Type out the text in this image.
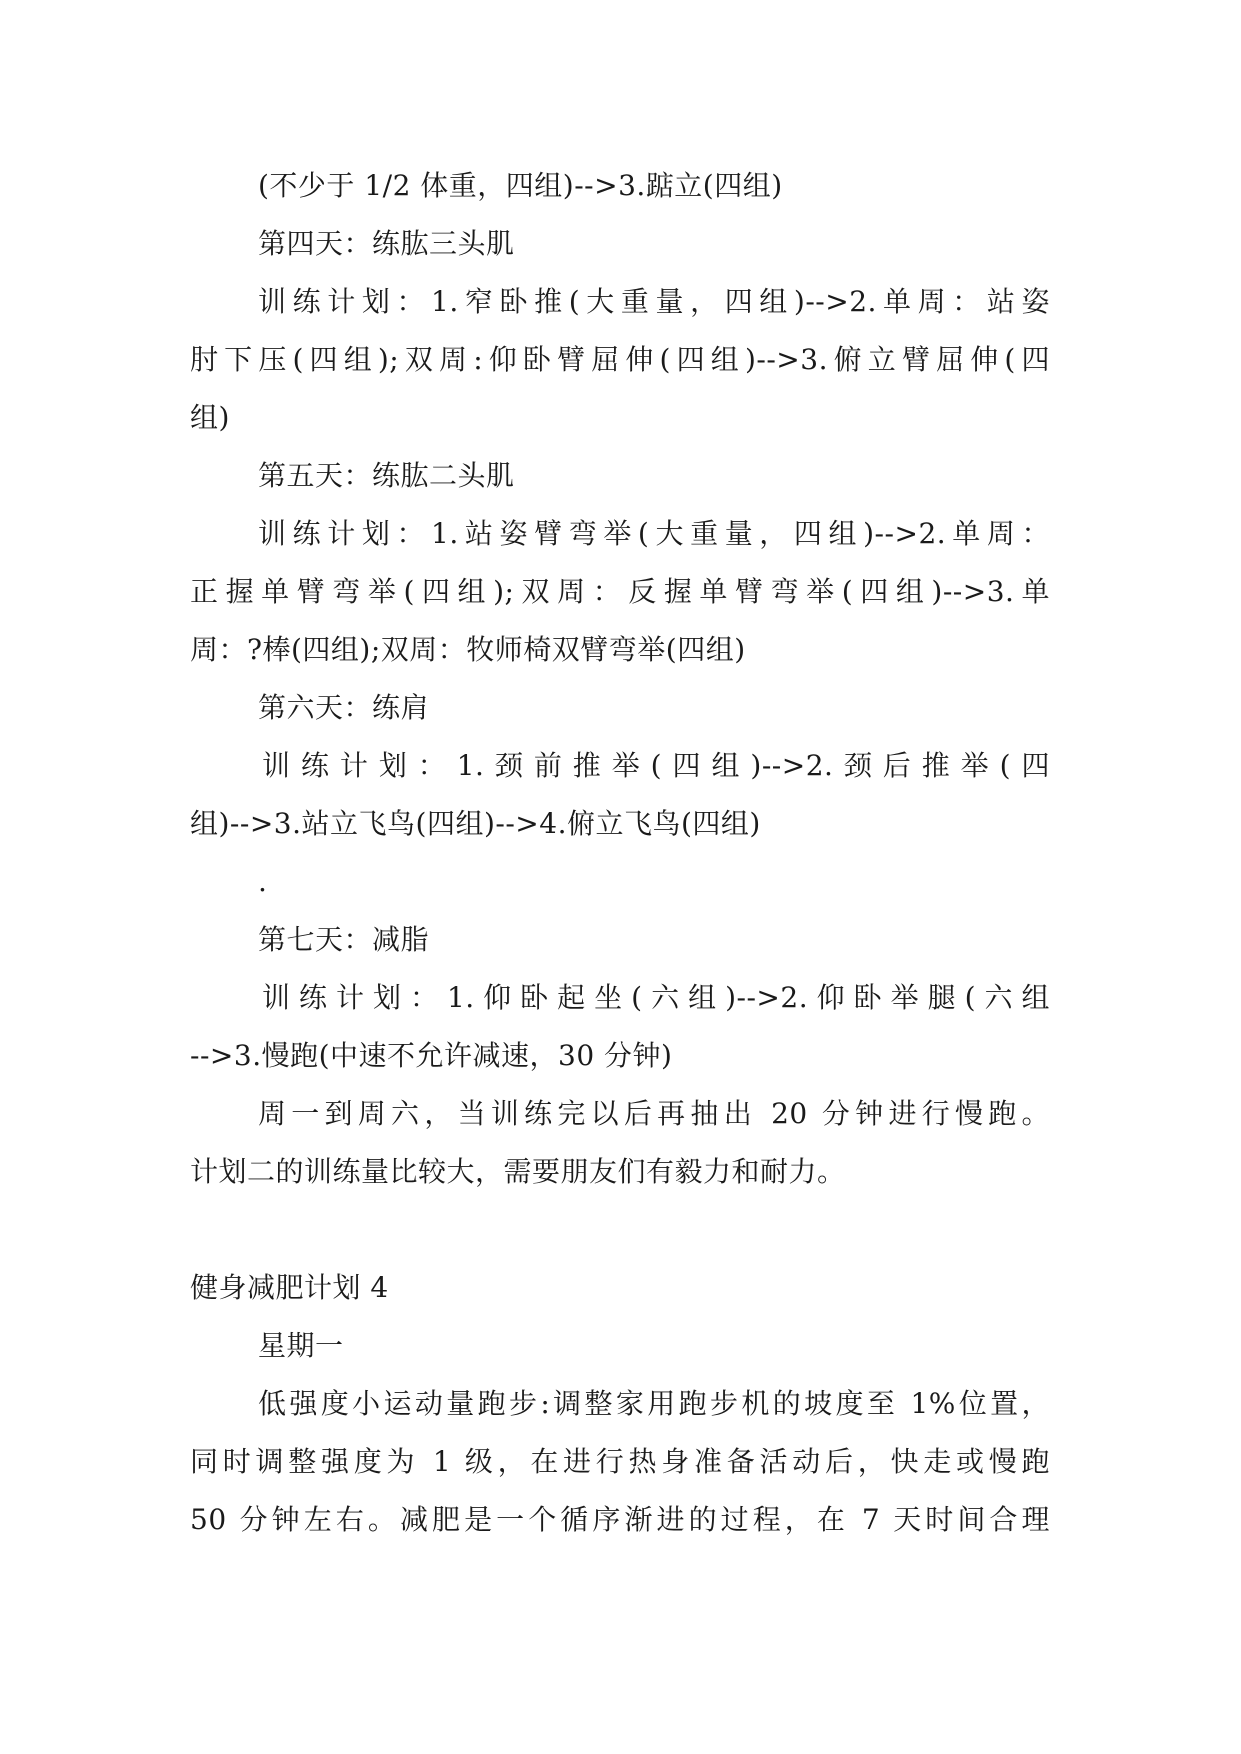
(不少于 1/2 体重，四组)-->3.踮立(四组)
第四天：练肱三头肌
训练计划：1.窄卧推(大重量，四组)-->2.单周：站姿
肘下压(四组);双周:仰卧臂屈伸(四组)-->3.俯立臂屈伸(四
组)
第五天：练肱二头肌
训练计划：1.站姿臂弯举(大重量，四组)-->2.单周：
正握单臂弯举(四组);双周：反握单臂弯举(四组)-->3.单
周：?棒(四组);双周：牧师椅双臂弯举(四组)
第六天：练肩
训练计划：1.颈前推举(四组)-->2.颈后推举(四
组)-->3.站立飞鸟(四组)-->4.俯立飞鸟(四组)
.
第七天：减脂
训练计划：1.仰卧起坐(六组)-->2.仰卧举腿(六组
-->3.慢跑(中速不允许减速，30 分钟)
周一到周六，当训练完以后再抽出 20 分钟进行慢跑。
计划二的训练量比较大，需要朋友们有毅力和耐力。
健身减肥计划 4
星期一
低强度小运动量跑步:调整家用跑步机的坡度至 1%位置，
同时调整强度为 1 级，在进行热身准备活动后，快走或慢跑
50 分钟左右。减肥是一个循序渐进的过程，在 7 天时间合理
